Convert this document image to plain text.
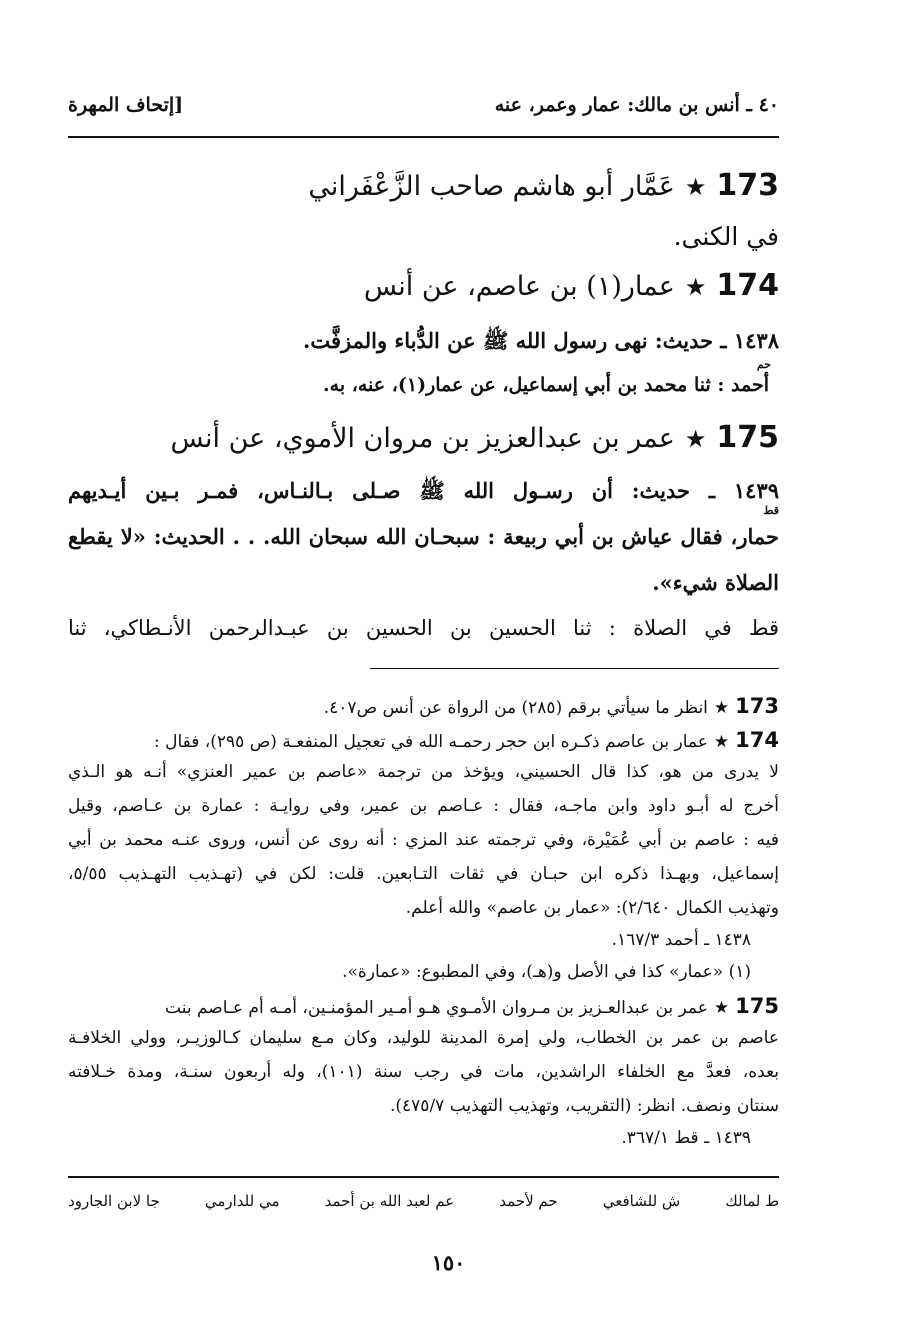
٤٠ ـ أنس بن مالك: عمار وعمر، عنه
[إتحاف المهرة
173★عَمَّار أبو هاشم صاحب الزَّعْفَراني
في الكنى.
174★عمار(١) بن عاصم، عن أنس
١٤٣٨ ـ حديث: نهى رسول الله ﷺ عن الدُّباء والمزفَّت.
حم
أحمد : ثنا محمد بن أبي إسماعيل، عن عمار(١)، عنه، به.
175★عمر بن عبدالعزيز بن مروان الأموي، عن أنس
١٤٣٩ ـ حديث: أن رسـول الله ﷺ صـلى بـالنـاس، فمـر بـين أيـديهم
قط
حمار، فقال عياش بن أبي ربيعة : سبحـان الله سبحان الله. . . الحديث: «لا يقطع
الصلاة شيء».
قط في الصلاة : ثنا الحسين بن الحسين بن عبـدالرحمن الأنـطاكي، ثنا
173★انظر ما سيأتي برقم (٢٨٥) من الرواة عن أنس ص٤٠٧.
174★عمار بن عاصم ذكـره ابن حجر رحمـه الله في تعجيل المنفعـة (ص ٢٩٥)، فقال :
لا يدرى من هو، كذا قال الحسيني، ويؤخذ من ترجمة «عاصم بن عمير العنزي» أنـه هو الـذي
أخرج له أبـو داود وابن ماجـه، فقال : عـاصم بن عمير، وفي روايـة : عمارة بن عـاصم، وقيل
فيه : عاصم بن أبي عُمَيْرة، وفي ترجمته عند المزي : أنه روى عن أنس، وروى عنـه محمد بن أبي
إسماعيل، وبهـذا ذكره ابن حبـان في ثقات التـابعين. قلت: لكن في (تهـذيب التهـذيب ٥/٥٥،
وتهذيب الكمال ٢/٦٤٠): «عمار بن عاصم» والله أعلم.
١٤٣٨ ـ أحمد ١٦٧/٣.
(١) «عمار» كذا في الأصل و(هـ)، وفي المطبوع: «عمارة».
175★عمر بن عبدالعـزيز بن مـروان الأمـوي هـو أمـير المؤمنـين، أمـه أم عـاصم بنت
عاصم بن عمر بن الخطاب، ولي إمرة المدينة للوليد، وكان مـع سليمان كـالوزيـر، وولي الخلافـة
بعده، فعدَّ مع الخلفاء الراشدين، مات في رجب سنة (١٠١)، وله أربعون سنـة، ومدة خـلافته
سنتان ونصف. انظر: (التقريب، وتهذيب التهذيب ٤٧٥/٧).
١٤٣٩ ـ قط ٣٦٧/١.
ط لمالك
ش للشافعي
حم لأحمد
عم لعبد الله بن أحمد
مي للدارمي
جا لابن الجارود
١٥٠
